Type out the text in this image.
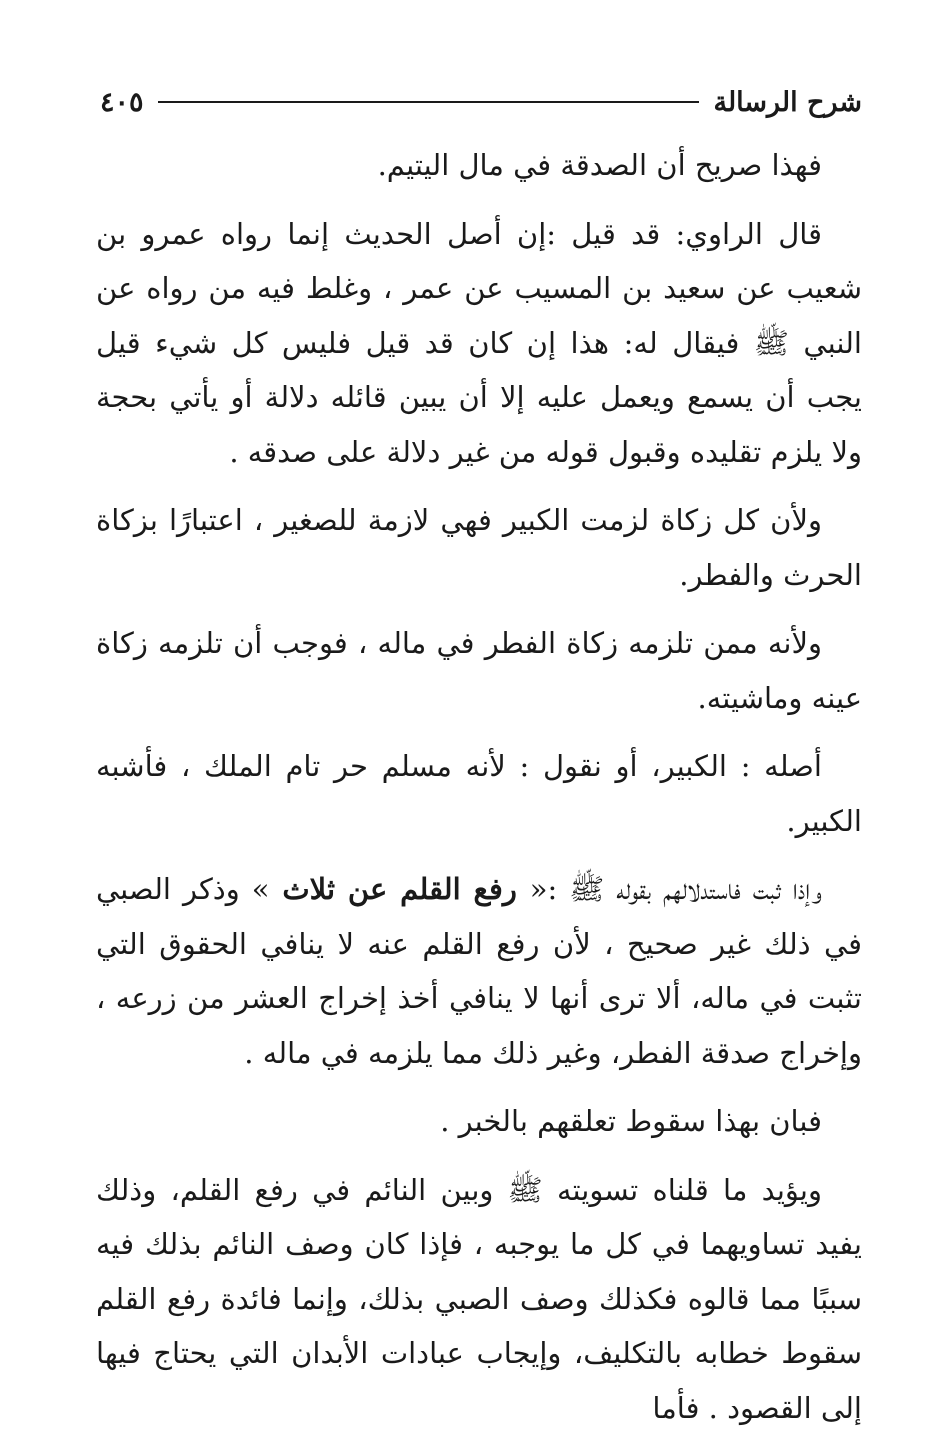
شرح الرسالة
٤٠٥

فهذا صريح أن الصدقة في مال اليتيم.

قال الراوي: قد قيل :إن أصل الحديث إنما رواه عمرو بن شعيب عن سعيد بن المسيب عن عمر ، وغلط فيه من رواه عن النبي ﷺ فيقال له: هذا إن كان قد قيل فليس كل شيء قيل يجب أن يسمع ويعمل عليه إلا أن يبين قائله دلالة أو يأتي بحجة ولا يلزم تقليده وقبول قوله من غير دلالة على صدقه .

ولأن كل زكاة لزمت الكبير فهي لازمة للصغير ، اعتبارًا بزكاة الحرث والفطر.

ولأنه ممن تلزمه زكاة الفطر في ماله ، فوجب أن تلزمه زكاة عينه وماشيته.

أصله : الكبير، أو نقول : لأنه مسلم حر تام الملك ، فأشبه الكبير.

وإذا ثبت فاستدلالهم بقوله ﷺ :« رفع القلم عن ثلاث » وذكر الصبي في ذلك غير صحيح ، لأن رفع القلم عنه لا ينافي الحقوق التي تثبت في ماله، ألا ترى أنها لا ينافي أخذ إخراج العشر من زرعه ، وإخراج صدقة الفطر، وغير ذلك مما يلزمه في ماله .

فبان بهذا سقوط تعلقهم بالخبر .

ويؤيد ما قلناه تسويته ﷺ وبين النائم في رفع القلم، وذلك يفيد تساويهما في كل ما يوجبه ، فإذا كان وصف النائم بذلك فيه سببًا مما قالوه فكذلك وصف الصبي بذلك، وإنما فائدة رفع القلم سقوط خطابه بالتكليف، وإيجاب عبادات الأبدان التي يحتاج فيها إلى القصود . فأما
